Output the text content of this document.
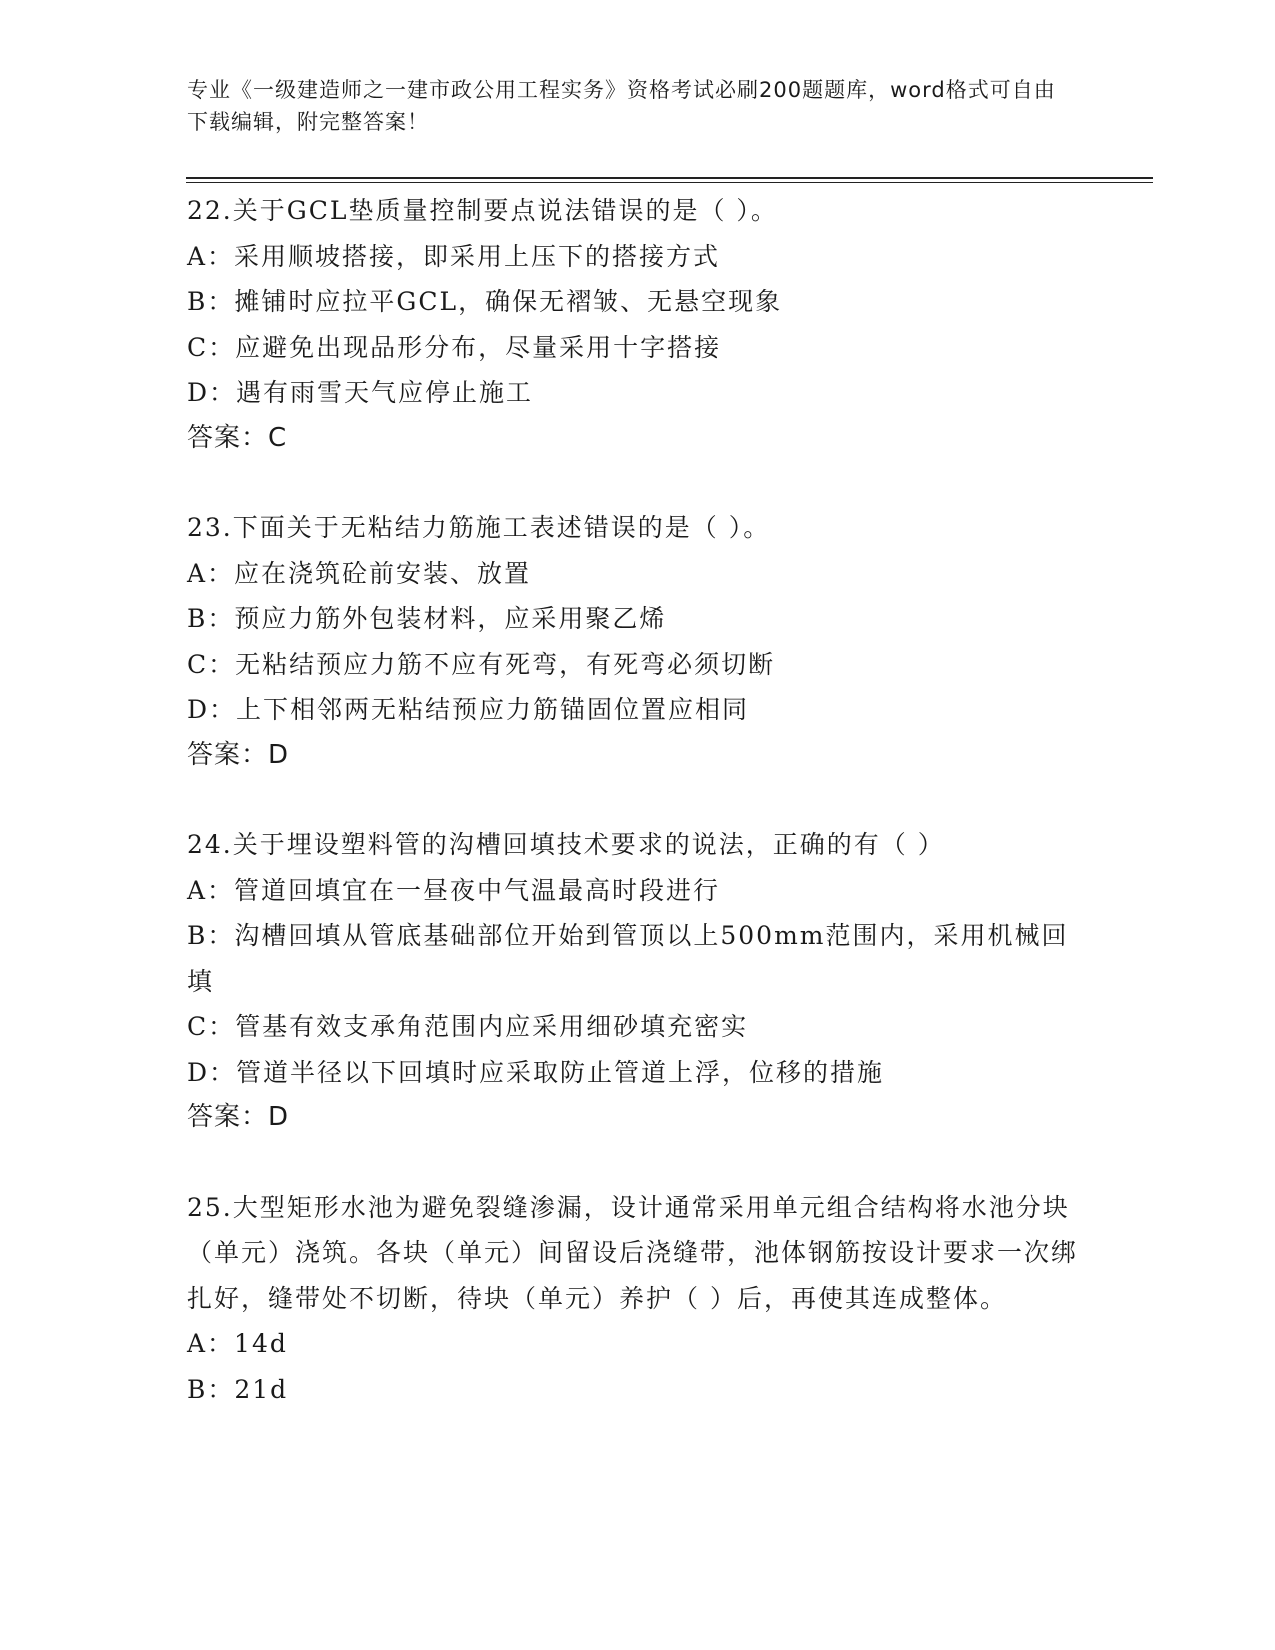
专业《一级建造师之一建市政公用工程实务》资格考试必刷200题题库，word格式可自由下载编辑，附完整答案！
22.关于GCL垫质量控制要点说法错误的是（ ）。
A：采用顺坡搭接，即采用上压下的搭接方式
B：摊铺时应拉平GCL，确保无褶皱、无悬空现象
C：应避免出现品形分布，尽量采用十字搭接
D：遇有雨雪天气应停止施工
答案：C
23.下面关于无粘结力筋施工表述错误的是（ ）。
A：应在浇筑砼前安装、放置
B：预应力筋外包装材料，应采用聚乙烯
C：无粘结预应力筋不应有死弯，有死弯必须切断
D：上下相邻两无粘结预应力筋锚固位置应相同
答案：D
24.关于埋设塑料管的沟槽回填技术要求的说法，正确的有（ ）
A：管道回填宜在一昼夜中气温最高时段进行
B：沟槽回填从管底基础部位开始到管顶以上500mm范围内，采用机械回填
C：管基有效支承角范围内应采用细砂填充密实
D：管道半径以下回填时应采取防止管道上浮，位移的措施
答案：D
25.大型矩形水池为避免裂缝渗漏，设计通常采用单元组合结构将水池分块（单元）浇筑。各块（单元）间留设后浇缝带，池体钢筋按设计要求一次绑扎好，缝带处不切断，待块（单元）养护（ ）后，再使其连成整体。
A：14d
B：21d
